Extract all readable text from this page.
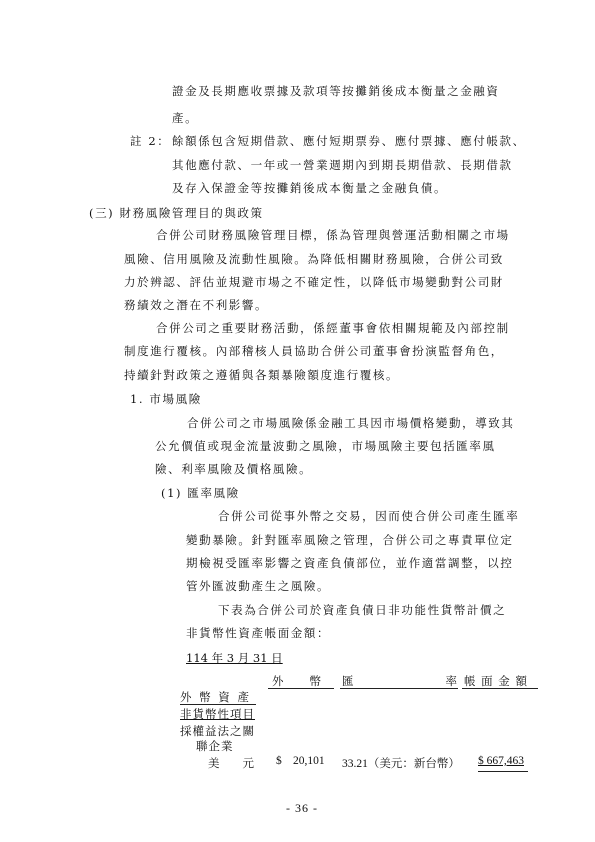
證金及長期應收票據及款項等按攤銷後成本衡量之金融資
產。
註 2： 餘額係包含短期借款、應付短期票券、應付票據、應付帳款、
其他應付款、一年或一營業週期內到期長期借款、長期借款
及存入保證金等按攤銷後成本衡量之金融負債。
(三) 財務風險管理目的與政策
合併公司財務風險管理目標，係為管理與營運活動相關之市場
風險、信用風險及流動性風險。為降低相關財務風險，合併公司致
力於辨認、評估並規避市場之不確定性，以降低市場變動對公司財
務績效之潛在不利影響。
合併公司之重要財務活動，係經董事會依相關規範及內部控制
制度進行覆核。內部稽核人員協助合併公司董事會扮演監督角色，
持續針對政策之遵循與各類暴險額度進行覆核。
1. 市場風險
合併公司之市場風險係金融工具因市場價格變動，導致其
公允價值或現金流量波動之風險，市場風險主要包括匯率風
險、利率風險及價格風險。
(1) 匯率風險
合併公司從事外幣之交易，因而使合併公司產生匯率
變動暴險。針對匯率風險之管理，合併公司之專責單位定
期檢視受匯率影響之資產負債部位，並作適當調整，以控
管外匯波動產生之風險。
下表為合併公司於資產負債日非功能性貨幣計價之
非貨幣性資產帳面金額：
114 年 3 月 31 日
外　　幣 匯　　　　　　　　率 帳 面 金 額
外 幣 資 產
非貨幣性項目
採權益法之關
聯企業
美　　元 $ 20,101 33.21（美元：新台幣） $ 667,463
- 36 -
